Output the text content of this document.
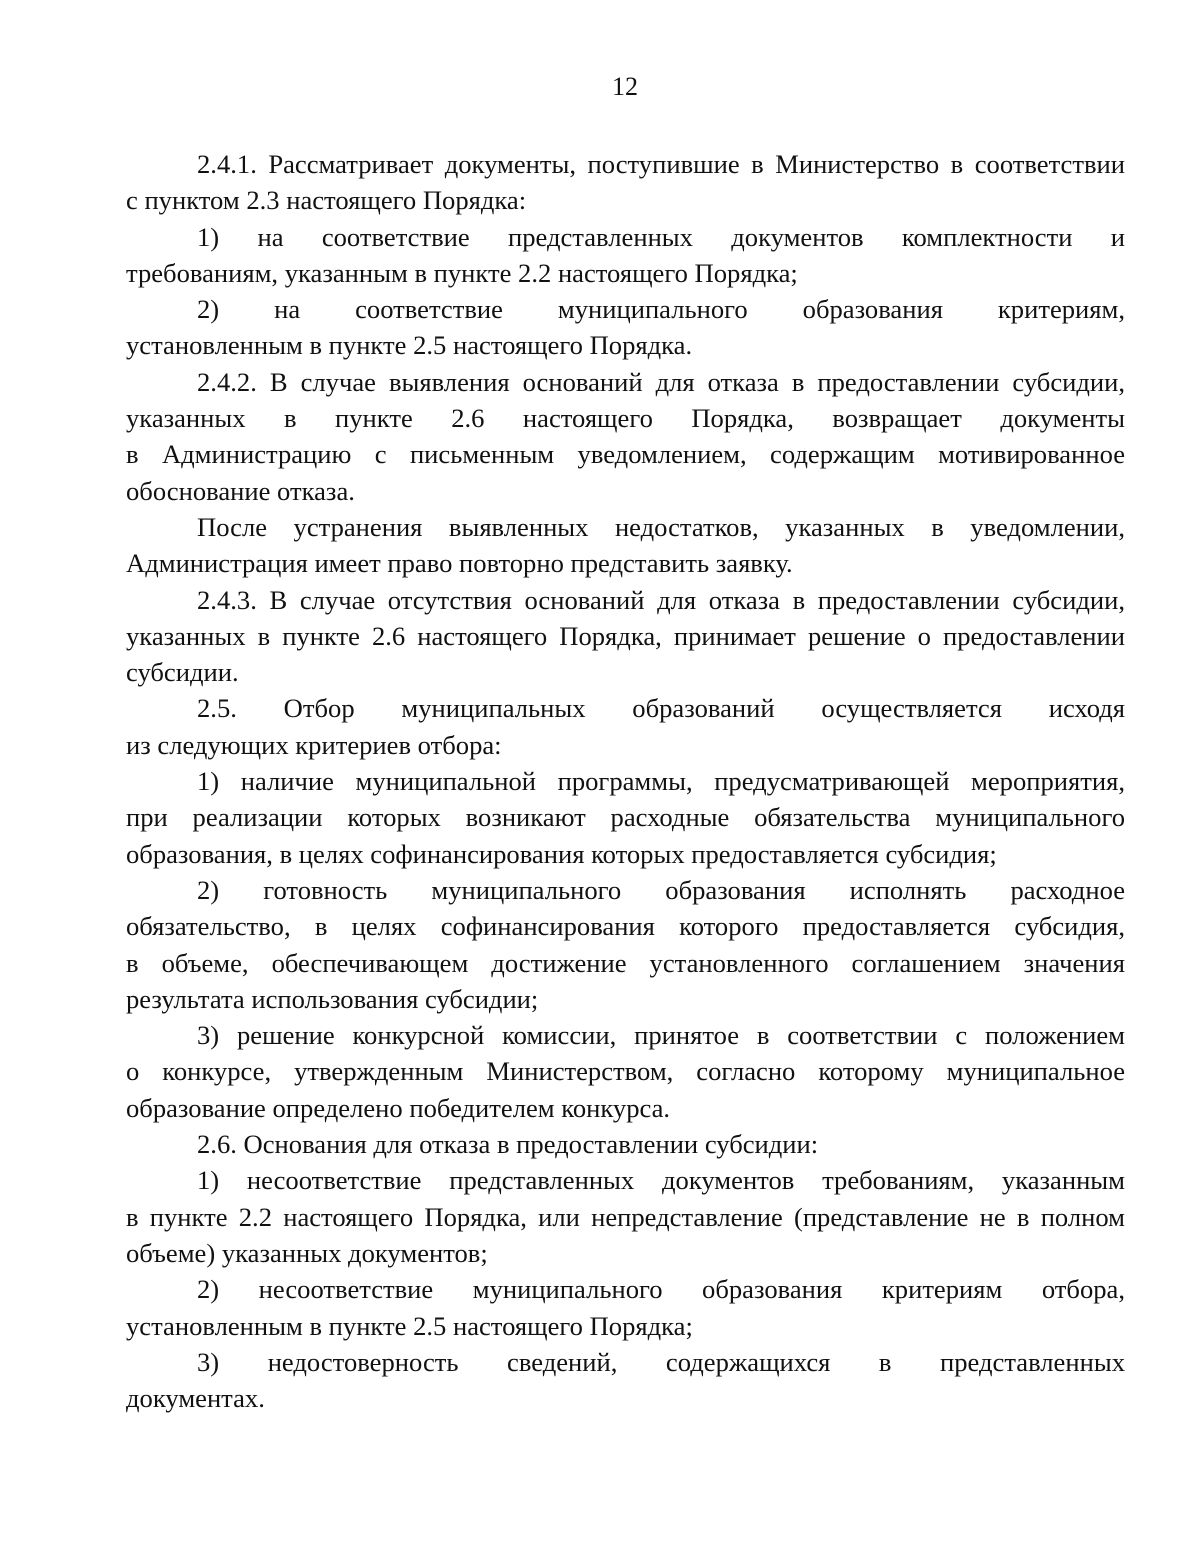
12
2.4.1. Рассматривает документы, поступившие в Министерство в соответствии
с пунктом 2.3 настоящего Порядка:
1) на соответствие представленных документов комплектности и
требованиям, указанным в пункте 2.2 настоящего Порядка;
2) на соответствие муниципального образования критериям,
установленным в пункте 2.5 настоящего Порядка.
2.4.2. В случае выявления оснований для отказа в предоставлении субсидии,
указанных в пункте 2.6 настоящего Порядка, возвращает документы
в Администрацию с письменным уведомлением, содержащим мотивированное
обоснование отказа.
После устранения выявленных недостатков, указанных в уведомлении,
Администрация имеет право повторно представить заявку.
2.4.3. В случае отсутствия оснований для отказа в предоставлении субсидии,
указанных в пункте 2.6 настоящего Порядка, принимает решение о предоставлении
субсидии.
2.5. Отбор муниципальных образований осуществляется исходя
из следующих критериев отбора:
1) наличие муниципальной программы, предусматривающей мероприятия,
при реализации которых возникают расходные обязательства муниципального
образования, в целях софинансирования которых предоставляется субсидия;
2) готовность муниципального образования исполнять расходное
обязательство, в целях софинансирования которого предоставляется субсидия,
в объеме, обеспечивающем достижение установленного соглашением значения
результата использования субсидии;
3) решение конкурсной комиссии, принятое в соответствии с положением
о конкурсе, утвержденным Министерством, согласно которому муниципальное
образование определено победителем конкурса.
2.6. Основания для отказа в предоставлении субсидии:
1) несоответствие представленных документов требованиям, указанным
в пункте 2.2 настоящего Порядка, или непредставление (представление не в полном
объеме) указанных документов;
2) несоответствие муниципального образования критериям отбора,
установленным в пункте 2.5 настоящего Порядка;
3) недостоверность сведений, содержащихся в представленных
документах.
